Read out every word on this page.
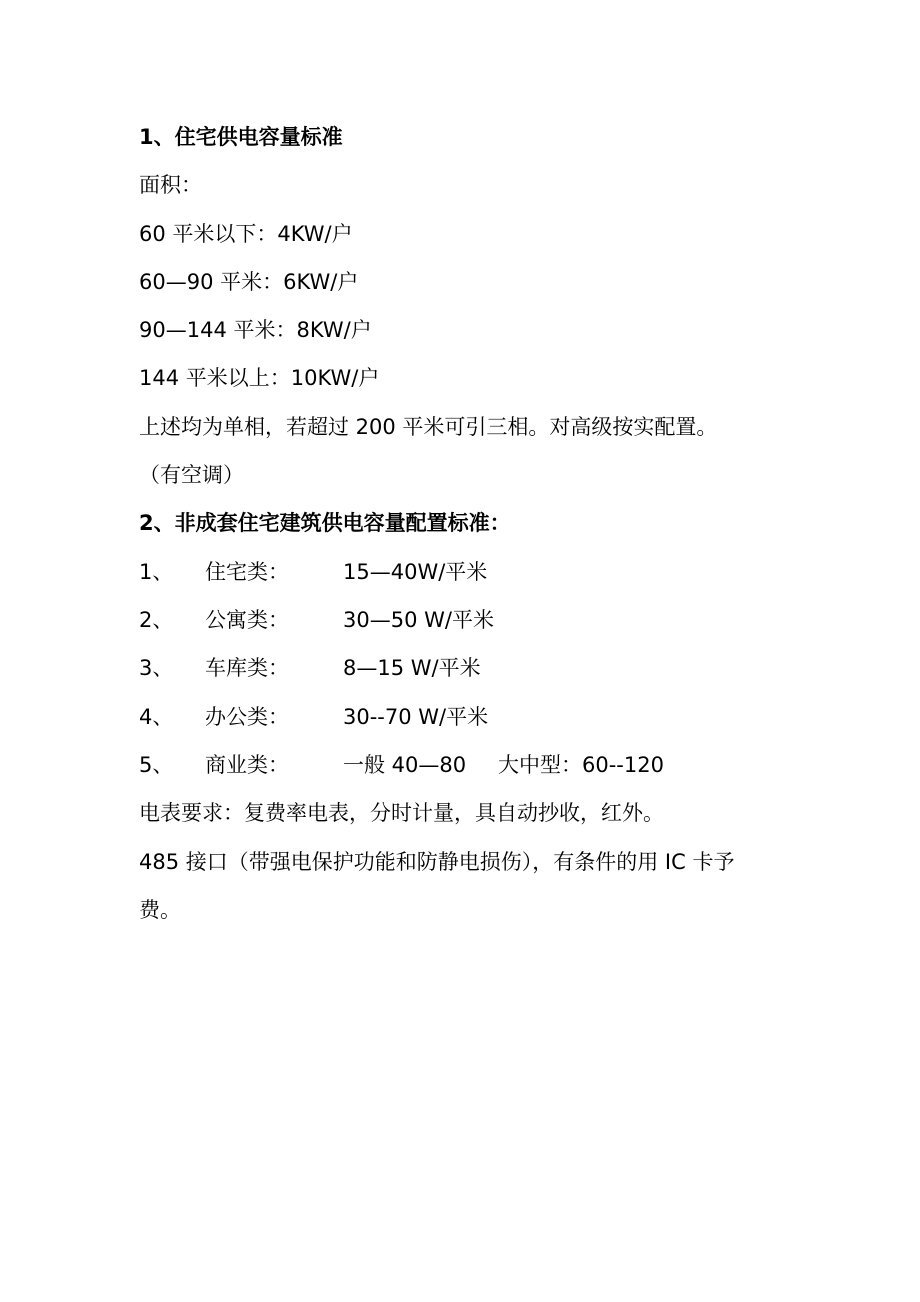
1、住宅供电容量标准
面积：
60 平米以下：4KW/户
60—90 平米：6KW/户
90—144 平米：8KW/户
144 平米以上：10KW/户
上述均为单相，若超过 200 平米可引三相。对高级按实配置。
（有空调）
2、非成套住宅建筑供电容量配置标准：
1、 住宅类：	15—40W/平米
2、 公寓类：	30—50 W/平米
3、 车库类：	8—15 W/平米
4、 办公类：	30--70 W/平米
5、 商业类：	一般 40—80 大中型：60--120
电表要求：复费率电表，分时计量，具自动抄收，红外。
485 接口（带强电保护功能和防静电损伤），有条件的用 IC 卡予
费。
